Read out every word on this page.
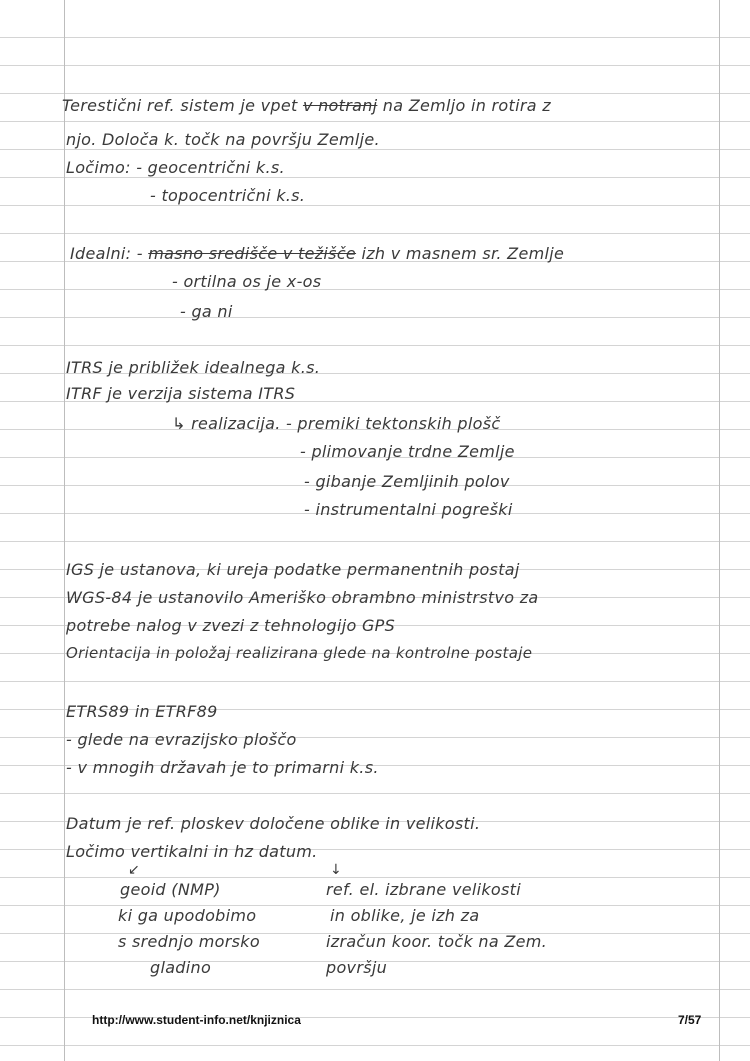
Terestični ref. sistem je vpet v notranj na Zemljo in rotira z
njo. Določa k. točk na površju Zemlje.
Ločimo: - geocentrični k.s.
- topocentrični k.s.
Idealni: - masno središče v težišče izh v masnem sr. Zemlje
- ortilna os je x-os
- ga ni
ITRS je približek idealnega k.s.
ITRF je verzija sistema ITRS
↳ realizacija. - premiki tektonskih plošč
- plimovanje trdne Zemlje
- gibanje Zemljinih polov
- instrumentalni pogreški
IGS je ustanova, ki ureja podatke permanentnih postaj
WGS-84 je ustanovilo Ameriško obrambno ministrstvo za
potrebe nalog v zvezi z tehnologijo GPS
Orientacija in položaj realizirana glede na kontrolne postaje
ETRS89 in ETRF89
- glede na evrazijsko ploščo
- v mnogih državah je to primarni k.s.
Datum je ref. ploskev določene oblike in velikosti.
Ločimo vertikalni in hz datum.
↙
geoid (NMP)
ki ga upodobimo
s srednjo morsko
gladino
↓
ref. el. izbrane velikosti
in oblike, je izh za
izračun koor. točk na Zem.
površju
http://www.student-info.net/knjiznica	7/57
